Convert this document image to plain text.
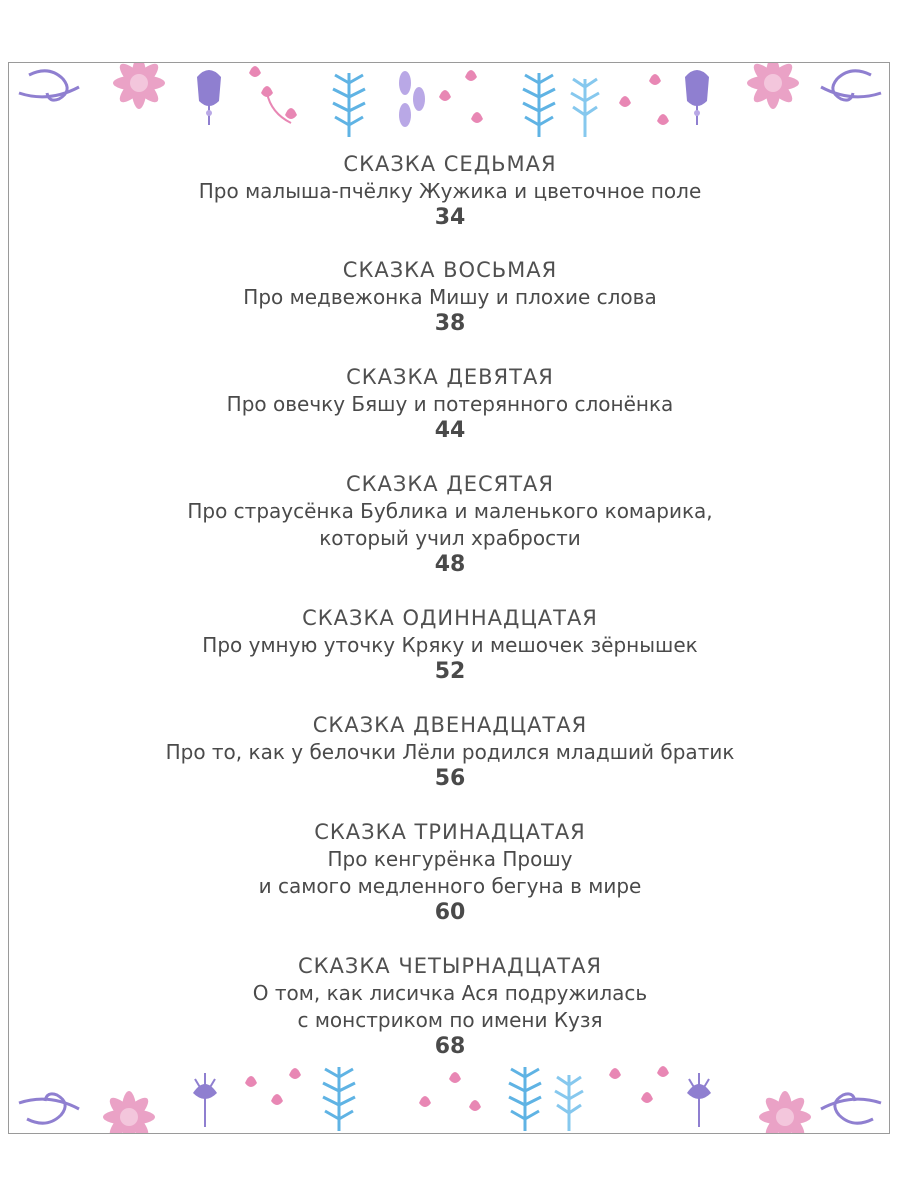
СКАЗКА СЕДЬМАЯ
Про малыша-пчёлку Жужика и цветочное поле
34
СКАЗКА ВОСЬМАЯ
Про медвежонка Мишу и плохие слова
38
СКАЗКА ДЕВЯТАЯ
Про овечку Бяшу и потерянного слонёнка
44
СКАЗКА ДЕСЯТАЯ
Про страусёнка Бублика и маленького комарика,
который учил храбрости
48
СКАЗКА ОДИННАДЦАТАЯ
Про умную уточку Кряку и мешочек зёрнышек
52
СКАЗКА ДВЕНАДЦАТАЯ
Про то, как у белочки Лёли родился младший братик
56
СКАЗКА ТРИНАДЦАТАЯ
Про кенгурёнка Прошу
и самого медленного бегуна в мире
60
СКАЗКА ЧЕТЫРНАДЦАТАЯ
О том, как лисичка Ася подружилась
с монстриком по имени Кузя
68
